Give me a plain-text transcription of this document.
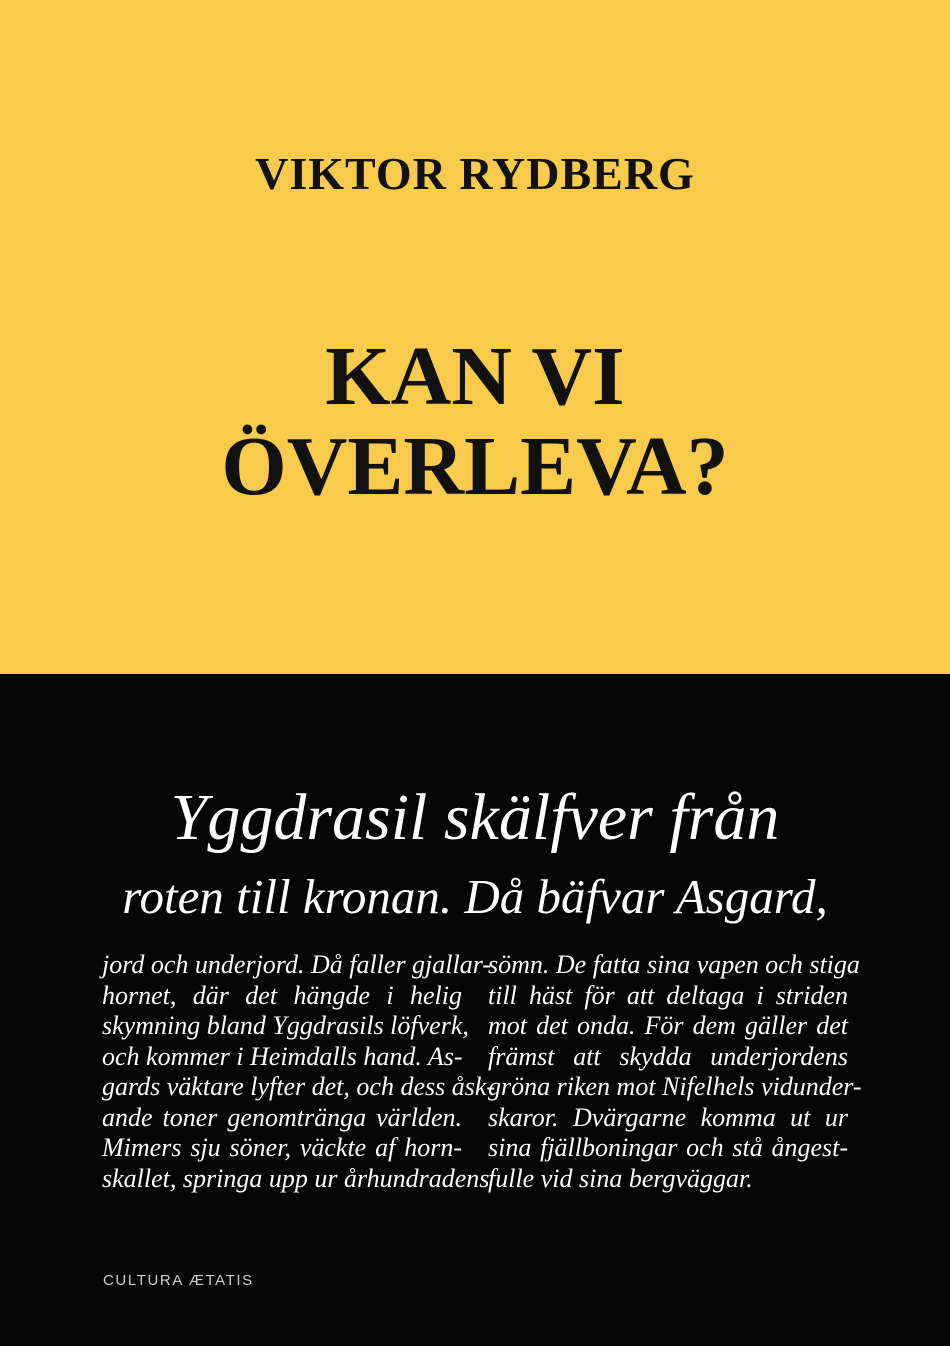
VIKTOR RYDBERG
KAN VI
ÖVERLEVA?

Yggdrasil skälfver från

roten till kronan. Då bäfvar Asgard,

jord och underjord. Då faller gjallar-
hornet, där det hängde i helig
skymning bland Yggdrasils löfverk,
och kommer i Heimdalls hand. As-
gards väktare lyfter det, och dess åsk-
ande toner genomtränga världen.
Mimers sju söner, väckte af horn-
skallet, springa upp ur århundradens
sömn. De fatta sina vapen och stiga
till häst för att deltaga i striden
mot det onda. För dem gäller det
främst att skydda underjordens
gröna riken mot Nifelhels vidunder-
skaror. Dvärgarne komma ut ur
sina fjällboningar och stå ångest-
fulle vid sina bergväggar.
CULTURA ÆTATIS
